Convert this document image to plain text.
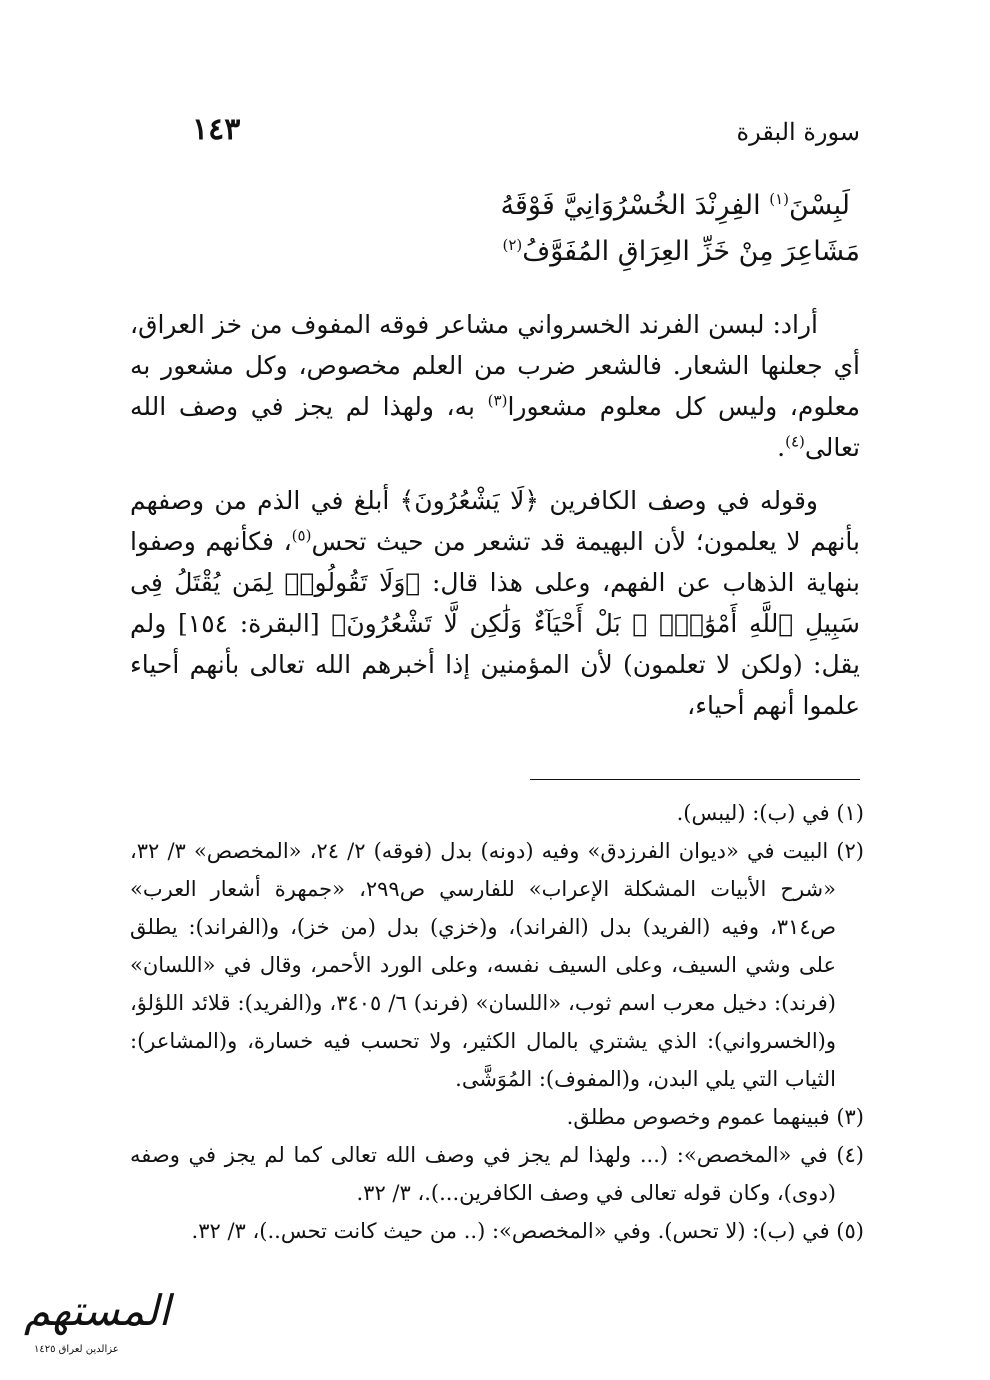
سورة البقرة
١٤٣
لَبِسْنَ$^{(١)}$ الفِرِنْدَ الخُسْرُوَانِيَّ فَوْقَهُ
مَشَاعِرَ مِنْ خَزِّ العِرَاقِ المُفَوَّفُ$^{(٢)}$

أراد: لبسن الفرند الخسرواني مشاعر فوقه المفوف من خز العراق، أي جعلنها الشعار. فالشعر ضرب من العلم مخصوص، وكل مشعور به معلوم، وليس كل معلوم مشعورا$^{(٣)}$ به، ولهذا لم يجز في وصف الله تعالى$^{(٤)}$.

وقوله في وصف الكافرين ﴿لَا يَشْعُرُونَ﴾ أبلغ في الذم من وصفهم بأنهم لا يعلمون؛ لأن البهيمة قد تشعر من حيث تحس$^{(٥)}$، فكأنهم وصفوا بنهاية الذهاب عن الفهم، وعلى هذا قال: ﴿وَلَا تَقُولُوا۟ لِمَن يُقْتَلُ فِى سَبِيلِ ٱللَّهِ أَمْوَٰتٌۢ ۚ بَلْ أَحْيَآءٌ وَلَٰكِن لَّا تَشْعُرُونَ﴾ [البقرة: ١٥٤] ولم يقل: (ولكن لا تعلمون) لأن المؤمنين إذا أخبرهم الله تعالى بأنهم أحياء علموا أنهم أحياء،

(١) في (ب): (ليبس).

(٢) البيت في «ديوان الفرزدق» وفيه (دونه) بدل (فوقه) ٢/ ٢٤، «المخصص» ٣/ ٣٢، «شرح الأبيات المشكلة الإعراب» للفارسي ص٢٩٩، «جمهرة أشعار العرب» ص٣١٤، وفيه (الفريد) بدل (الفراند)، و(خزي) بدل (من خز)، و(الفراند): يطلق على وشي السيف، وعلى السيف نفسه، وعلى الورد الأحمر، وقال في «اللسان» (فرند): دخيل معرب اسم ثوب، «اللسان» (فرند) ٦/ ٣٤٠٥، و(الفريد): قلائد اللؤلؤ، و(الخسرواني): الذي يشتري بالمال الكثير، ولا تحسب فيه خسارة، و(المشاعر): الثياب التي يلي البدن، و(المفوف): المُوَشَّى.

(٣) فبينهما عموم وخصوص مطلق.

(٤) في «المخصص»: (... ولهذا لم يجز في وصف الله تعالى كما لم يجز في وصفه (دوى)، وكان قوله تعالى في وصف الكافرين...).، ٣/ ٣٢.

(٥) في (ب): (لا تحس). وفي «المخصص»: (.. من حيث كانت تحس..)، ٣/ ٣٢.

المستهم
عزالدين لعراق ١٤٢٥
